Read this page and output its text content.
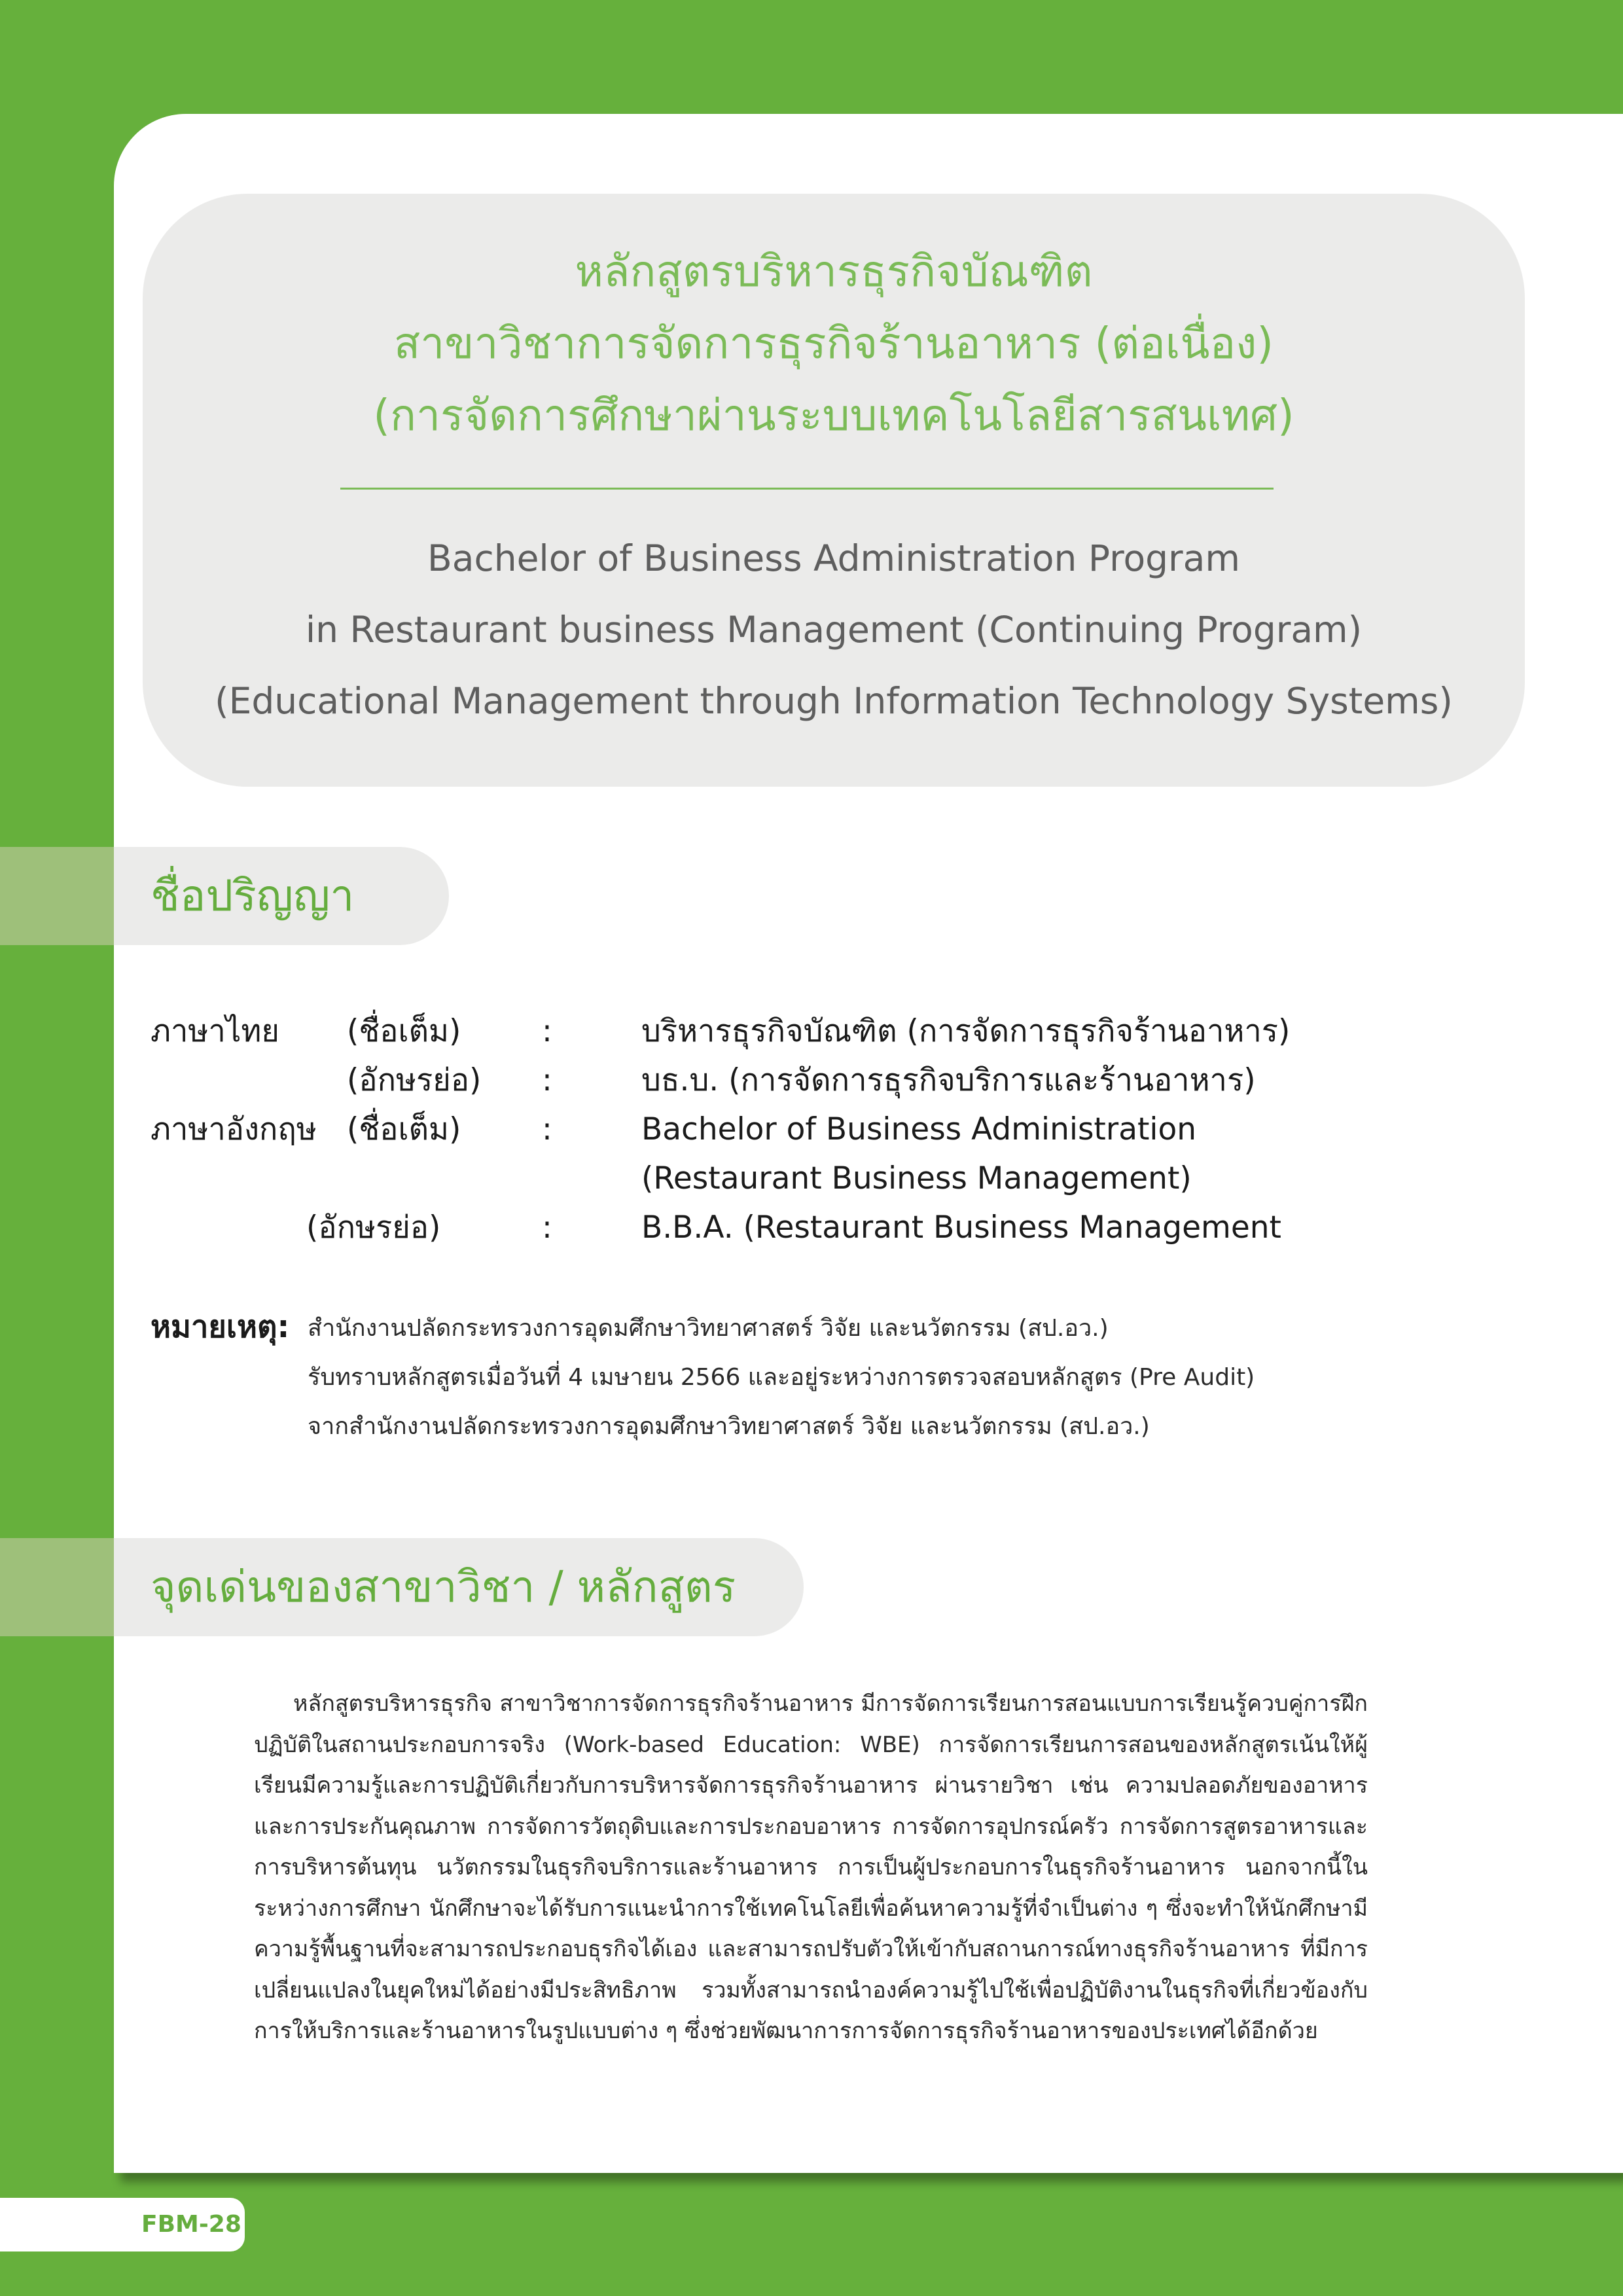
หลักสูตรบริหารธุรกิจบัณฑิต
สาขาวิชาการจัดการธุรกิจร้านอาหาร (ต่อเนื่อง)
(การจัดการศึกษาผ่านระบบเทคโนโลยีสารสนเทศ)
Bachelor of Business Administration Program
in Restaurant business Management (Continuing Program)
(Educational Management through Information Technology Systems)
ชื่อปริญญา
ภาษาไทย (ชื่อเต็ม)	:	บริหารธุรกิจบัณฑิต (การจัดการธุรกิจร้านอาหาร)
(อักษรย่อ) :	บธ.บ. (การจัดการธุรกิจบริการและร้านอาหาร)
ภาษาอังกฤษ (ชื่อเต็ม)	:	Bachelor of Business Administration
(Restaurant Business Management)
(อักษรย่อ)	:	B.B.A. (Restaurant Business Management
หมายเหตุ: สำนักงานปลัดกระทรวงการอุดมศึกษาวิทยาศาสตร์ วิจัย และนวัตกรรม (สป.อว.)
รับทราบหลักสูตรเมื่อวันที่ 4 เมษายน 2566 และอยู่ระหว่างการตรวจสอบหลักสูตร (Pre Audit)
จากสำนักงานปลัดกระทรวงการอุดมศึกษาวิทยาศาสตร์ วิจัย และนวัตกรรม (สป.อว.)
จุดเด่นของสาขาวิชา / หลักสูตร
หลักสูตรบริหารธุรกิจ สาขาวิชาการจัดการธุรกิจร้านอาหาร มีการจัดการเรียนการสอนแบบการเรียนรู้ควบคู่การฝึกปฏิบัติในสถานประกอบการจริง (Work-based Education: WBE) การจัดการเรียนการสอนของหลักสูตรเน้นให้ผู้เรียนมีความรู้และการปฏิบัติเกี่ยวกับการบริหารจัดการธุรกิจร้านอาหาร ผ่านรายวิชา เช่น ความปลอดภัยของอาหารและการประกันคุณภาพ การจัดการวัตถุดิบและการประกอบอาหาร การจัดการอุปกรณ์ครัว การจัดการสูตรอาหารและการบริหารต้นทุน นวัตกรรมในธุรกิจบริการและร้านอาหาร การเป็นผู้ประกอบการในธุรกิจร้านอาหาร นอกจากนี้ในระหว่างการศึกษา นักศึกษาจะได้รับการแนะนำการใช้เทคโนโลยีเพื่อค้นหาความรู้ที่จำเป็นต่าง ๆ ซึ่งจะทำให้นักศึกษามีความรู้พื้นฐานที่จะสามารถประกอบธุรกิจได้เอง และสามารถปรับตัวให้เข้ากับสถานการณ์ทางธุรกิจร้านอาหาร ที่มีการเปลี่ยนแปลงในยุคใหม่ได้อย่างมีประสิทธิภาพ รวมทั้งสามารถนำองค์ความรู้ไปใช้เพื่อปฏิบัติงานในธุรกิจที่เกี่ยวข้องกับการให้บริการและร้านอาหารในรูปแบบต่าง ๆ ซึ่งช่วยพัฒนาการการจัดการธุรกิจร้านอาหารของประเทศได้อีกด้วย
FBM-28
